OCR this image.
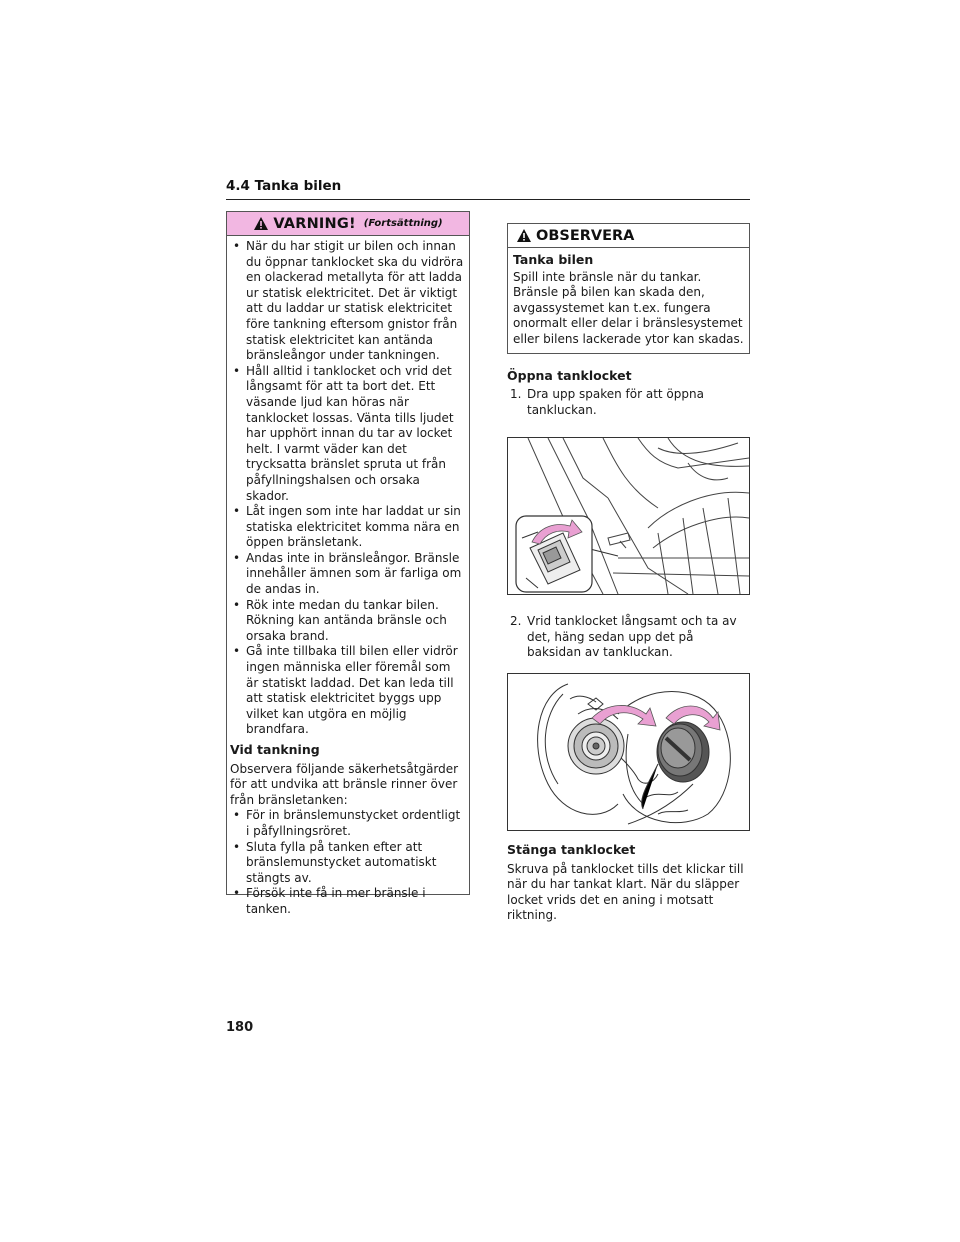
4.4 Tanka bilen
VARNING! (Fortsättning)
• När du har stigit ur bilen och innan du öppnar tanklocket ska du vidröra en olackerad metallyta för att ladda ur statisk elektricitet. Det är viktigt att du laddar ur statisk elektricitet före tankning eftersom gnistor från statisk elektricitet kan antända bränsleångor under tankningen.
• Håll alltid i tanklocket och vrid det långsamt för att ta bort det. Ett väsande ljud kan höras när tanklocket lossas. Vänta tills ljudet har upphört innan du tar av locket helt. I varmt väder kan det trycksatta bränslet spruta ut från påfyllningshalsen och orsaka skador.
• Låt ingen som inte har laddat ur sin statiska elektricitet komma nära en öppen bränsletank.
• Andas inte in bränsleångor. Bränsle innehåller ämnen som är farliga om de andas in.
• Rök inte medan du tankar bilen. Rökning kan antända bränsle och orsaka brand.
• Gå inte tillbaka till bilen eller vidrör ingen människa eller föremål som är statiskt laddad. Det kan leda till att statisk elektricitet byggs upp vilket kan utgöra en möjlig brandfara.
Vid tankning
Observera följande säkerhetsåtgärder för att undvika att bränsle rinner över från bränsletanken:
• För in bränslemunstycket ordentligt i påfyllningsröret.
• Sluta fylla på tanken efter att bränslemunstycket automatiskt stängts av.
• Försök inte få in mer bränsle i tanken.
OBSERVERA
Tanka bilen
Spill inte bränsle när du tankar. Bränsle på bilen kan skada den, avgassystemet kan t.ex. fungera onormalt eller delar i bränslesystemet eller bilens lackerade ytor kan skadas.
Öppna tanklocket
1. Dra upp spaken för att öppna tankluckan.
2. Vrid tanklocket långsamt och ta av det, häng sedan upp det på baksidan av tankluckan.
Stänga tanklocket
Skruva på tanklocket tills det klickar till när du har tankat klart. När du släpper locket vrids det en aning i motsatt riktning.
180
